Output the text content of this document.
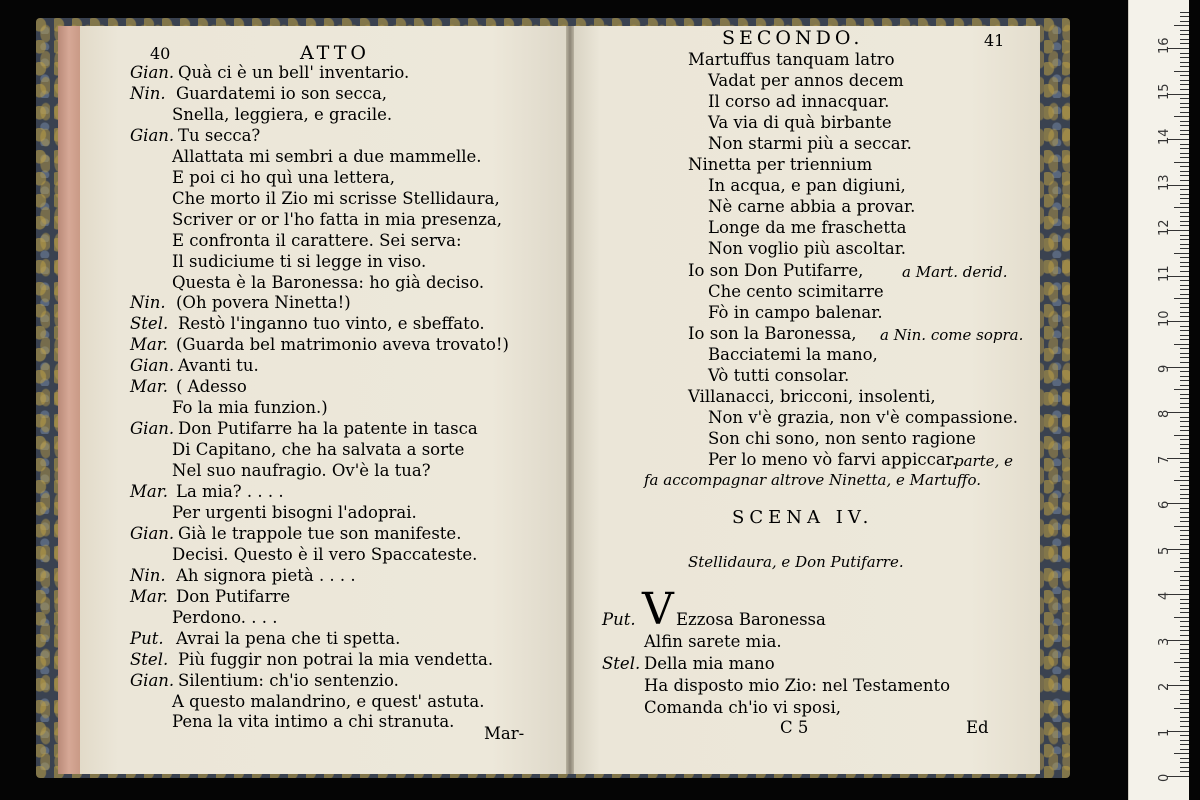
40	ATTO
Gian. Quà ci è un bell' inventario.
Nin. Guardatemi io son secca,
Snella, leggiera, e gracile.
Gian. Tu secca?
Allattata mi sembri a due mammelle.
E poi ci ho quì una lettera,
Che morto il Zio mi scrisse Stellidaura,
Scriver or or l'ho fatta in mia presenza,
E confronta il carattere. Sei serva:
Il sudiciume ti si legge in viso.
Questa è la Baronessa: ho già deciso.
Nin. (Oh povera Ninetta!)
Stel. Restò l'inganno tuo vinto, e sbeffato.
Mar. (Guarda bel matrimonio aveva trovato!)
Gian. Avanti tu.
Mar. ( Adesso
Fo la mia funzion.)
Gian. Don Putifarre ha la patente in tasca
Di Capitano, che ha salvata a sorte
Nel suo naufragio. Ov'è la tua?
Mar. La mia? . . . .
Per urgenti bisogni l'adoprai.
Gian. Già le trappole tue son manifeste.
Decisi. Questo è il vero Spaccateste.
Nin. Ah signora pietà . . . .
Mar. Don Putifarre
Perdono. . . .
Put. Avrai la pena che ti spetta.
Stel. Più fuggir non potrai la mia vendetta.
Gian. Silentium: ch'io sentenzio.
A questo malandrino, e quest' astuta.
Pena la vita intimo a chi stranuta.
Mar-
SECONDO.	41
Martuffus tanquam latro
Vadat per annos decem
Il corso ad innacquar.
Va via di quà birbante
Non starmi più a seccar.
Ninetta per triennium
In acqua, e pan digiuni,
Nè carne abbia a provar.
Longe da me fraschetta
Non voglio più ascoltar.
Io son Don Putifarre,	a Mart. derid.
Che cento scimitarre
Fò in campo balenar.
Io son la Baronessa, a Nin. come sopra.
Bacciatemi la mano,
Vò tutti consolar.
Villanacci, bricconi, insolenti,
Non v'è grazia, non v'è compassione.
Son chi sono, non sento ragione
Per lo meno vò farvi appiccar.
parte, e
fa accompagnar altrove Ninetta, e Martuffo.
SCENA IV.
Stellidaura, e Don Putifarre.
Put. V Ezzosa Baronessa
Alfin sarete mia.
Stel. Della mia mano
Ha disposto mio Zio: nel Testamento
Comanda ch'io vi sposi,
C 5	Ed
0
1
2
3
4
5
6
7
8
9
10
11
12
13
14
15
16
